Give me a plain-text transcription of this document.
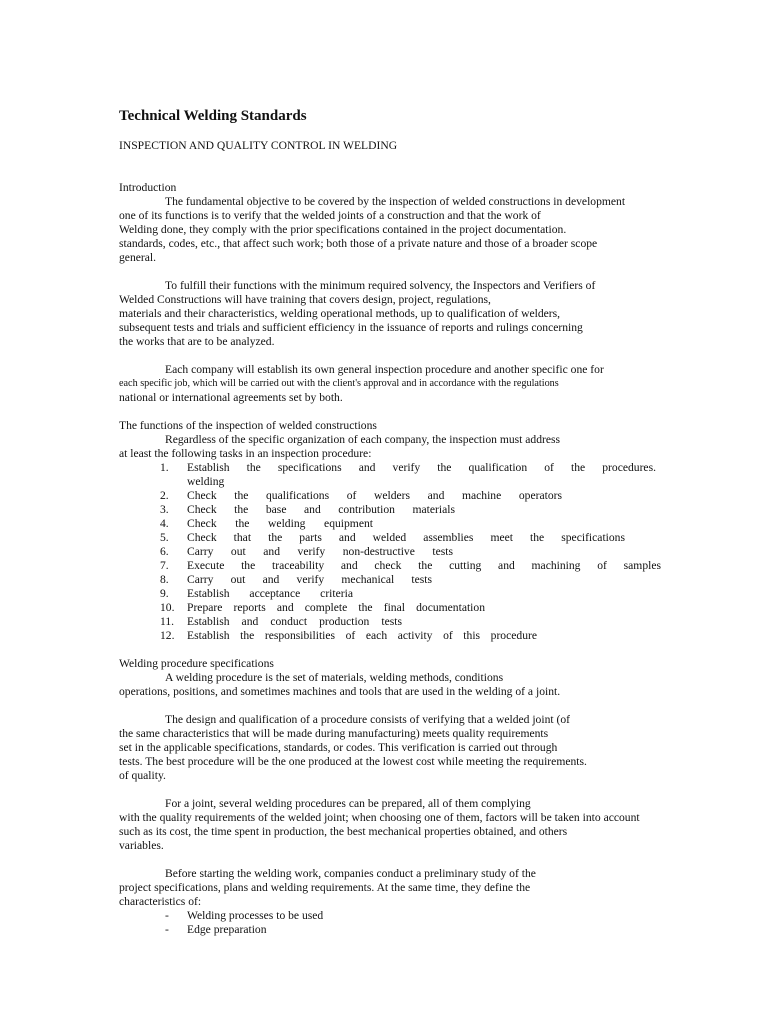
Technical Welding Standards
INSPECTION AND QUALITY CONTROL IN WELDING
Introduction
The fundamental objective to be covered by the inspection of welded constructions in development
one of its functions is to verify that the welded joints of a construction and that the work of
Welding done, they comply with the prior specifications contained in the project documentation.
standards, codes, etc., that affect such work; both those of a private nature and those of a broader scope
general.
To fulfill their functions with the minimum required solvency, the Inspectors and Verifiers of
Welded Constructions will have training that covers design, project, regulations,
materials and their characteristics, welding operational methods, up to qualification of welders,
subsequent tests and trials and sufficient efficiency in the issuance of reports and rulings concerning
the works that are to be analyzed.
Each company will establish its own general inspection procedure and another specific one for
each specific job, which will be carried out with the client's approval and in accordance with the regulations
national or international agreements set by both.
The functions of the inspection of welded constructions
Regardless of the specific organization of each company, the inspection must address
at least the following tasks in an inspection procedure:
1. Establish the specifications and verify the qualification of the procedures.
welding
2. Check the qualifications of welders and machine operators
3. Check the base and contribution materials
4. Check the welding equipment
5. Check that the parts and welded assemblies meet the specifications
6. Carry out and verify non-destructive tests
7. Execute the traceability and check the cutting and machining of samples
8. Carry out and verify mechanical tests
9. Establish acceptance criteria
10. Prepare reports and complete the final documentation
11. Establish and conduct production tests
12. Establish the responsibilities of each activity of this procedure
Welding procedure specifications
A welding procedure is the set of materials, welding methods, conditions
operations, positions, and sometimes machines and tools that are used in the welding of a joint.
The design and qualification of a procedure consists of verifying that a welded joint (of
the same characteristics that will be made during manufacturing) meets quality requirements
set in the applicable specifications, standards, or codes. This verification is carried out through
tests. The best procedure will be the one produced at the lowest cost while meeting the requirements.
of quality.
For a joint, several welding procedures can be prepared, all of them complying
with the quality requirements of the welded joint; when choosing one of them, factors will be taken into account
such as its cost, the time spent in production, the best mechanical properties obtained, and others
variables.
Before starting the welding work, companies conduct a preliminary study of the
project specifications, plans and welding requirements. At the same time, they define the
characteristics of:
- Welding processes to be used
- Edge preparation
